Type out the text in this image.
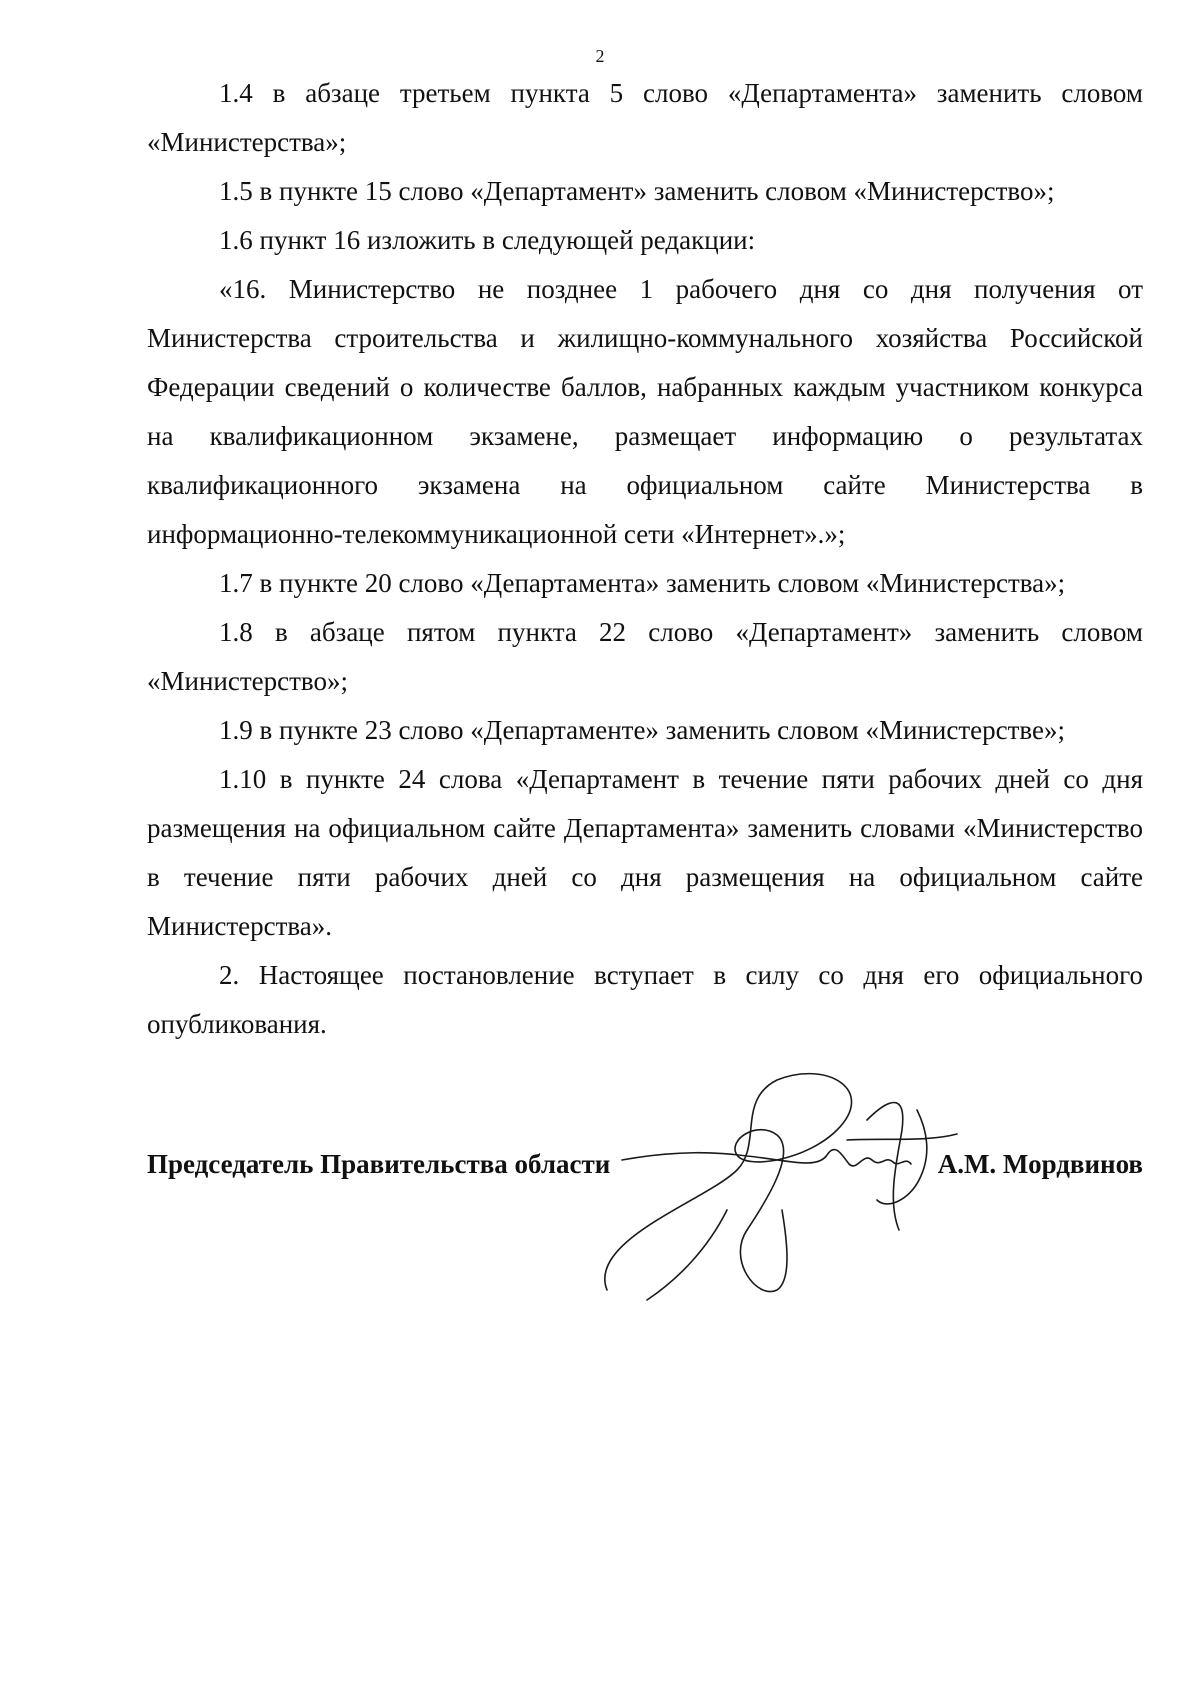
2

1.4 в абзаце третьем пункта 5 слово «Департамента» заменить словом «Министерства»;

1.5 в пункте 15 слово «Департамент» заменить словом «Министерство»;

1.6 пункт 16 изложить в следующей редакции:

«16. Министерство не позднее 1 рабочего дня со дня получения от Министерства строительства и жилищно-коммунального хозяйства Российской Федерации сведений о количестве баллов, набранных каждым участником конкурса на квалификационном экзамене, размещает информацию о результатах квалификационного экзамена на официальном сайте Министерства в информационно-телекоммуникационной сети «Интернет».»;

1.7 в пункте 20 слово «Департамента» заменить словом «Министерства»;

1.8 в абзаце пятом пункта 22 слово «Департамент» заменить словом «Министерство»;

1.9 в пункте 23 слово «Департаменте» заменить словом «Министерстве»;

1.10 в пункте 24 слова «Департамент в течение пяти рабочих дней со дня размещения на официальном сайте Департамента» заменить словами «Министерство в течение пяти рабочих дней со дня размещения на официальном сайте Министерства».

2. Настоящее постановление вступает в силу со дня его официального опубликования.

Председатель Правительства области	А.М. Мордвинов
